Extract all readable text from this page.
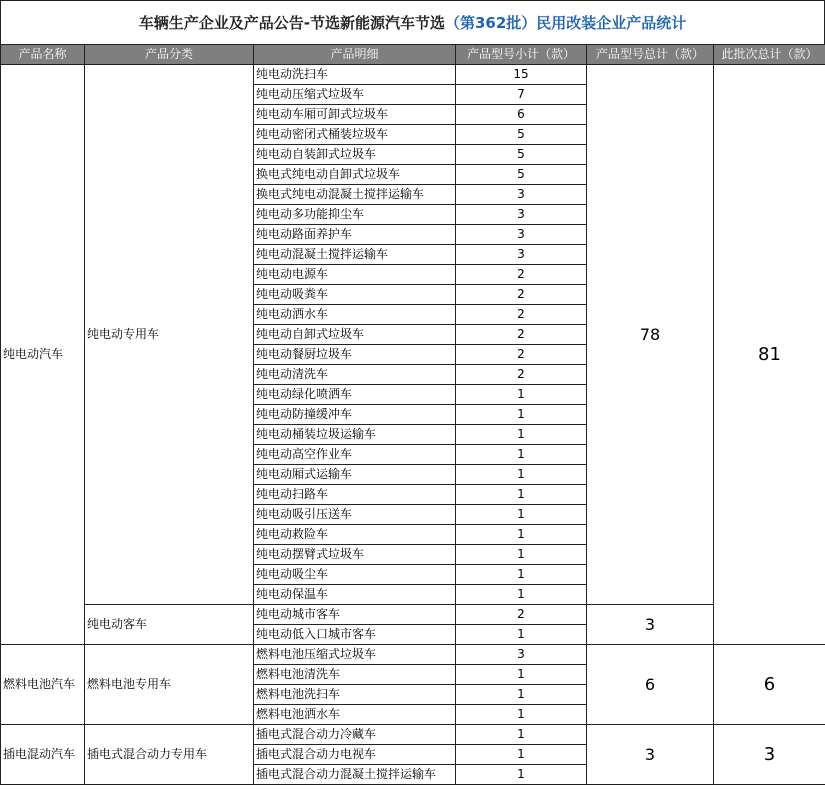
车辆生产企业及产品公告-节选新能源汽车节选（第362批）民用改装企业产品统计
产品名称	产品分类	产品明细	产品型号小计（款）	产品型号总计（款）	此批次总计（款）
纯电动汽车	纯电动专用车	纯电动洗扫车	15	78	81
		纯电动压缩式垃圾车	7		
		纯电动车厢可卸式垃圾车	6		
		纯电动密闭式桶装垃圾车	5		
		纯电动自装卸式垃圾车	5		
		换电式纯电动自卸式垃圾车	5		
		换电式纯电动混凝土搅拌运输车	3		
		纯电动多功能抑尘车	3		
		纯电动路面养护车	3		
		纯电动混凝土搅拌运输车	3		
		纯电动电源车	2		
		纯电动吸粪车	2		
		纯电动洒水车	2		
		纯电动自卸式垃圾车	2		
		纯电动餐厨垃圾车	2		
		纯电动清洗车	2		
		纯电动绿化喷洒车	1		
		纯电动防撞缓冲车	1		
		纯电动桶装垃圾运输车	1		
		纯电动高空作业车	1		
		纯电动厢式运输车	1		
		纯电动扫路车	1		
		纯电动吸引压送车	1		
		纯电动救险车	1		
		纯电动摆臂式垃圾车	1		
		纯电动吸尘车	1		
		纯电动保温车	1		
	纯电动客车	纯电动城市客车	2	3	
		纯电动低入口城市客车	1		
燃料电池汽车	燃料电池专用车	燃料电池压缩式垃圾车	3	6	6
		燃料电池清洗车	1		
		燃料电池洗扫车	1		
		燃料电池洒水车	1		
插电混动汽车	插电式混合动力专用车	插电式混合动力冷藏车	1	3	3
		插电式混合动力电视车	1		
		插电式混合动力混凝土搅拌运输车	1		
